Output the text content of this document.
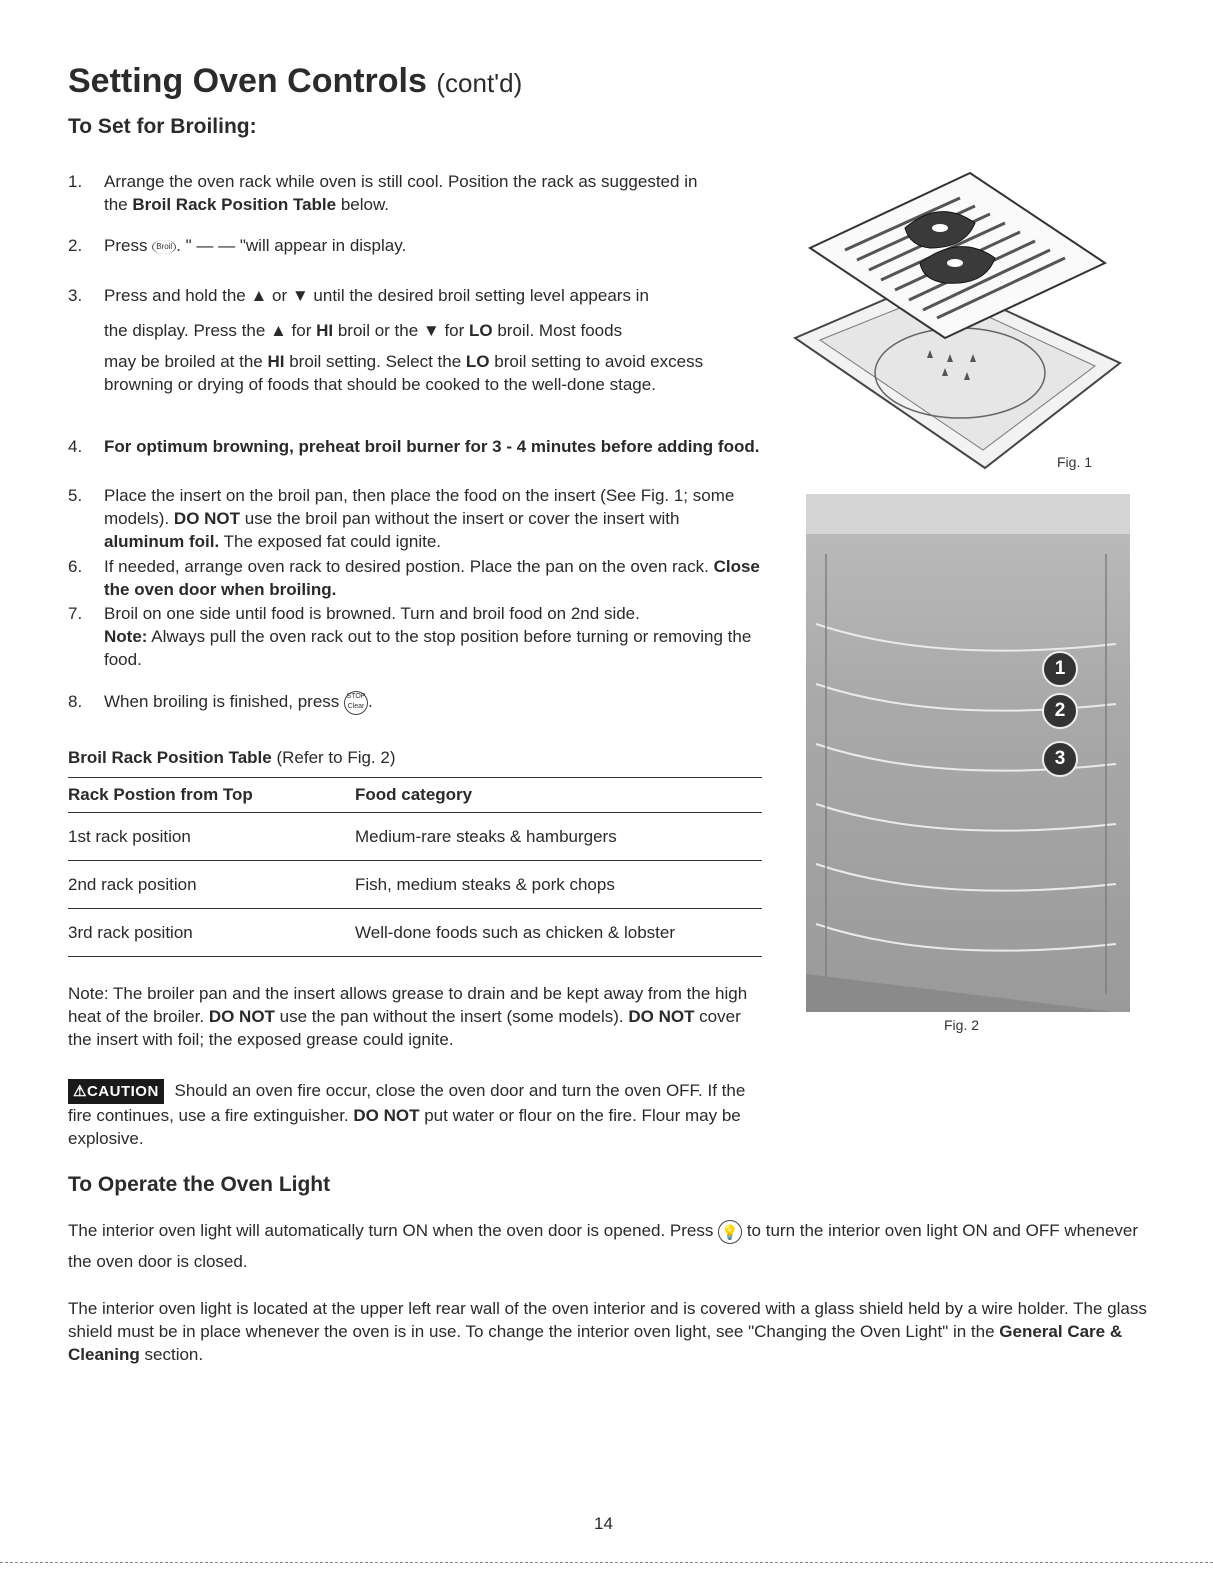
Setting Oven Controls (cont'd)
To Set for Broiling:
1. Arrange the oven rack while oven is still cool. Position the rack as suggested in the Broil Rack Position Table below.
2. Press Broil . " — — "will appear in display.
3. Press and hold the ▲ or ▼ until the desired broil setting level appears in
the display. Press the ▲ for HI broil or the ▼ for LO broil. Most foods
may be broiled at the HI broil setting. Select the LO broil setting to avoid excess browning or drying of foods that should be cooked to the well-done stage.
4. For optimum browning, preheat broil burner for 3 - 4 minutes before adding food.
5. Place the insert on the broil pan, then place the food on the insert (See Fig. 1; some models). DO NOT use the broil pan without the insert or cover the insert with aluminum foil. The exposed fat could ignite.
6. If needed, arrange oven rack to desired postion. Place the pan on the oven rack. Close the oven door when broiling.
7. Broil on one side until food is browned. Turn and broil food on 2nd side.
Note: Always pull the oven rack out to the stop position before turning or removing the food.
8. When broiling is finished, press STOP
Clear .
Broil Rack Position Table (Refer to Fig. 2)
Rack Postion from Top	Food category
1st rack position	Medium-rare steaks & hamburgers
2nd rack position	Fish, medium steaks & pork chops
3rd rack position	Well-done foods such as chicken & lobster
Note: The broiler pan and the insert allows grease to drain and be kept away from the high heat of the broiler. DO NOT use the pan without the insert (some models). DO NOT cover the insert with foil; the exposed grease could ignite.
⚠CAUTION Should an oven fire occur, close the oven door and turn the oven OFF. If the fire continues, use a fire extinguisher. DO NOT put water or flour on the fire. Flour may be explosive.
To Operate the Oven Light
The interior oven light will automatically turn ON when the oven door is opened. Press 💡 to turn the interior oven light ON and OFF whenever the oven door is closed.
The interior oven light is located at the upper left rear wall of the oven interior and is covered with a glass shield held by a wire holder. The glass shield must be in place whenever the oven is in use. To change the interior oven light, see "Changing the Oven Light" in the General Care & Cleaning section.
Fig. 1
1
2
3
Fig. 2
14
